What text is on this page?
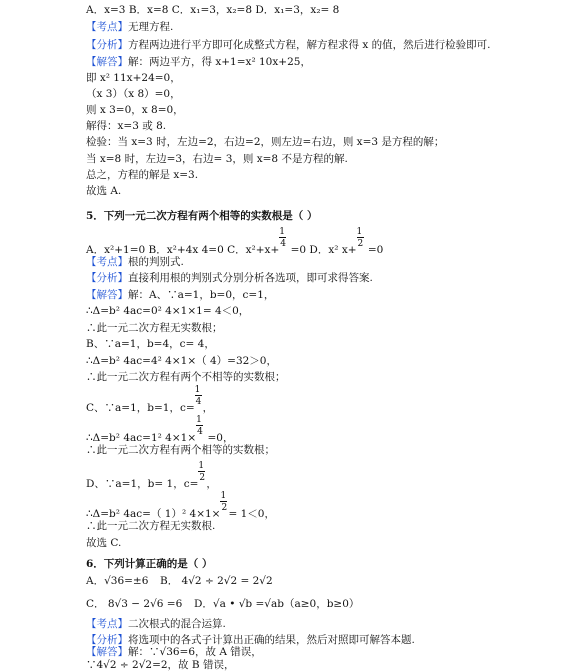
A．x=3 B．x=8 C．x₁=3，x₂=8 D．x₁=3，x₂= 8
【考点】无理方程.
【分析】方程两边进行平方即可化成整式方程，解方程求得 x 的值，然后进行检验即可.
【解答】解：两边平方，得 x+1=x² 10x+25，
即 x² 11x+24=0，
（x 3）（x 8）=0，
则 x 3=0，x 8=0，
解得：x=3 或 8.
检验：当 x=3 时，左边=2，右边=2，则左边=右边，则 x=3 是方程的解；
当 x=8 时，左边=3，右边= 3，则 x=8 不是方程的解.
总之，方程的解是 x=3.
故选 A.
5．下列一元二次方程有两个相等的实数根是（ ）
A．x²+1=0 B．x²+4x 4=0 C．$x^2+x+ \frac{1}{4} =0$ D．x² $x+ \frac{1}{2} =0$
【考点】根的判别式.
【分析】直接利用根的判别式分别分析各选项，即可求得答案.
【解答】解：A、∵a=1，b=0，c=1，
∴Δ=b² 4ac=0² 4×1×1= 4＜0，
∴此一元二次方程无实数根；
B、∵a=1，b=4，c= 4，
∴Δ=b² 4ac=4² 4×1×（ 4）=32＞0，
∴此一元二次方程有两个不相等的实数根；
C、∵a=1，b=1，$c= \frac{1}{4}$ ，
∴Δ=b² 4ac=1² $4\times 1\times \frac{1}{4} =0$，
∴此一元二次方程有两个相等的实数根；
D、∵a=1，b= 1，$c= \frac{1}{2}$ ，
∴Δ=b² 4ac=（ 1）² $4\times 1\times \frac{1}{2} = 1<0$，
∴此一元二次方程无实数根.
故选 C.
6．下列计算正确的是（ ）
A．√36=±6 B． 4√2 ÷ 2√2 = 2√2
C． 8√3 − 2√6 =6 D．√a • √b =√ab（a≥0，b≥0）
【考点】二次根式的混合运算.
【分析】将选项中的各式子计算出正确的结果，然后对照即可解答本题.
【解答】解：∵√36=6，故 A 错误，
∵4√2 ÷ 2√2=2，故 B 错误，
